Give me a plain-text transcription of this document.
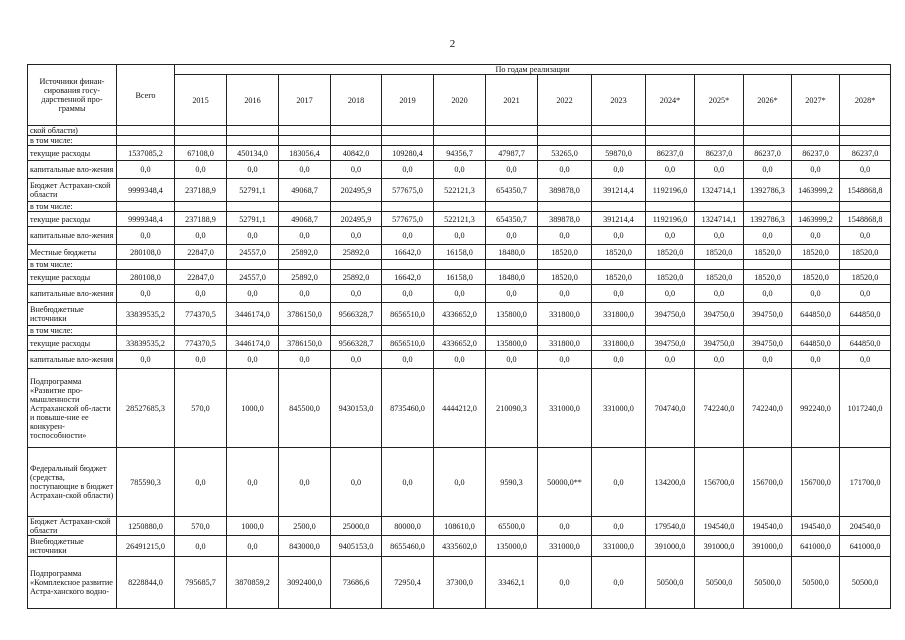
2
Источники финан-сирования госу-дарственной про-граммы	Всего	По годам реализации													
		2015	2016	2017	2018	2019	2020	2021	2022	2023	2024*	2025*	2026*	2027*	2028*
ской области)															
в том числе:															
текущие расходы	1537085,2	67108,0	450134,0	183056,4	40842,0	109280,4	94356,7	47987,7	53265,0	59870,0	86237,0	86237,0	86237,0	86237,0	86237,0
капитальные вло-жения	0,0	0,0	0,0	0,0	0,0	0,0	0,0	0,0	0,0	0,0	0,0	0,0	0,0	0,0	0,0
Бюджет Астрахан-ской области	9999348,4	237188,9	52791,1	49068,7	202495,9	577675,0	522121,3	654350,7	389878,0	391214,4	1192196,0	1324714,1	1392786,3	1463999,2	1548868,8
в том числе:															
текущие расходы	9999348,4	237188,9	52791,1	49068,7	202495,9	577675,0	522121,3	654350,7	389878,0	391214,4	1192196,0	1324714,1	1392786,3	1463999,2	1548868,8
капитальные вло-жения	0,0	0,0	0,0	0,0	0,0	0,0	0,0	0,0	0,0	0,0	0,0	0,0	0,0	0,0	0,0
Местные бюджеты	280108,0	22847,0	24557,0	25892,0	25892,0	16642,0	16158,0	18480,0	18520,0	18520,0	18520,0	18520,0	18520,0	18520,0	18520,0
в том числе:															
текущие расходы	280108,0	22847,0	24557,0	25892,0	25892,0	16642,0	16158,0	18480,0	18520,0	18520,0	18520,0	18520,0	18520,0	18520,0	18520,0
капитальные вло-жения	0,0	0,0	0,0	0,0	0,0	0,0	0,0	0,0	0,0	0,0	0,0	0,0	0,0	0,0	0,0
Внебюджетные источники	33839535,2	774370,5	3446174,0	3786150,0	9566328,7	8656510,0	4336652,0	135800,0	331800,0	331800,0	394750,0	394750,0	394750,0	644850,0	644850,0
в том числе:															
текущие расходы	33839535,2	774370,5	3446174,0	3786150,0	9566328,7	8656510,0	4336652,0	135800,0	331800,0	331800,0	394750,0	394750,0	394750,0	644850,0	644850,0
капитальные вло-жения	0,0	0,0	0,0	0,0	0,0	0,0	0,0	0,0	0,0	0,0	0,0	0,0	0,0	0,0	0,0
Подпрограмма «Развитие про-мышленности Астраханской об-ласти и повыше-ние ее конкурен-тоспособности»	28527685,3	570,0	1000,0	845500,0	9430153,0	8735460,0	4444212,0	210090,3	331000,0	331000,0	704740,0	742240,0	742240,0	992240,0	1017240,0
Федеральный бюджет (средства, поступающие в бюджет Астрахан-ской области)	785590,3	0,0	0,0	0,0	0,0	0,0	0,0	9590,3	50000,0**	0,0	134200,0	156700,0	156700,0	156700,0	171700,0
Бюджет Астрахан-ской области	1250880,0	570,0	1000,0	2500,0	25000,0	80000,0	108610,0	65500,0	0,0	0,0	179540,0	194540,0	194540,0	194540,0	204540,0
Внебюджетные источники	26491215,0	0,0	0,0	843000,0	9405153,0	8655460,0	4335602,0	135000,0	331000,0	331000,0	391000,0	391000,0	391000,0	641000,0	641000,0
Подпрограмма «Комплексное развитие Астра-ханского водно-	8228844,0	795685,7	3870859,2	3092400,0	73686,6	72950,4	37300,0	33462,1	0,0	0,0	50500,0	50500,0	50500,0	50500,0	50500,0
